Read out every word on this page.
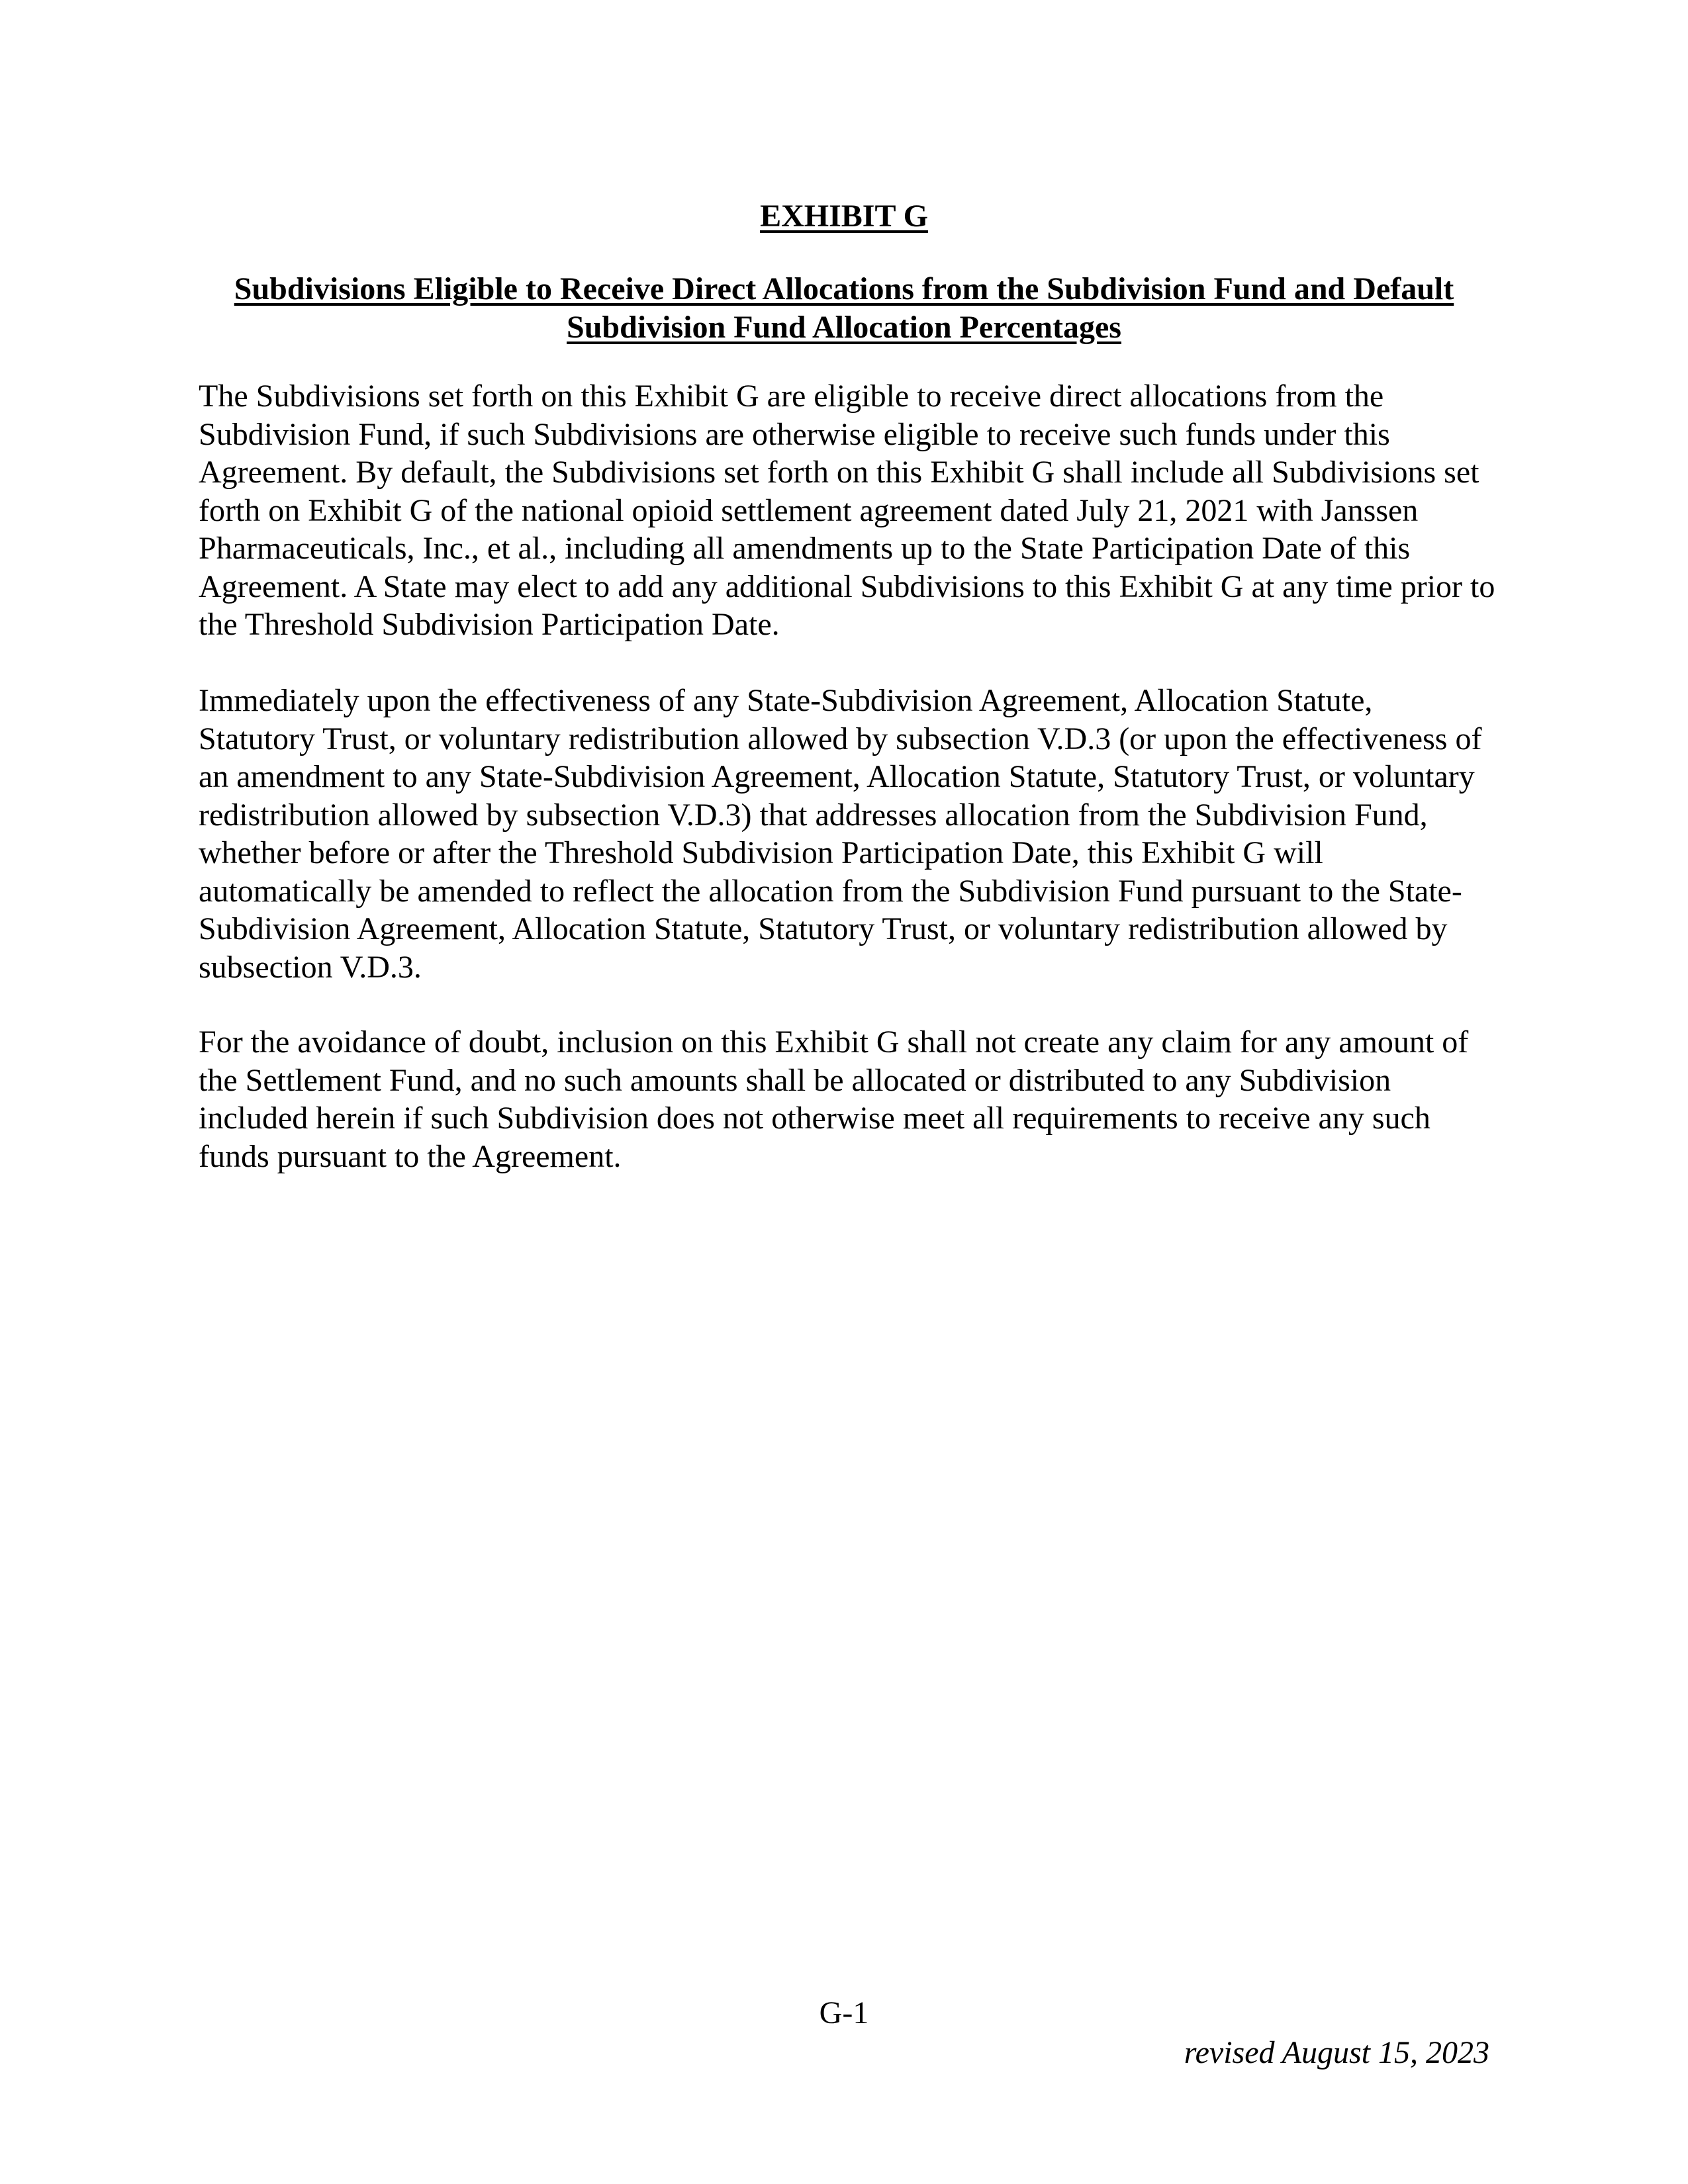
EXHIBIT G
Subdivisions Eligible to Receive Direct Allocations from the Subdivision Fund and Default Subdivision Fund Allocation Percentages

The Subdivisions set forth on this Exhibit G are eligible to receive direct allocations from the Subdivision Fund, if such Subdivisions are otherwise eligible to receive such funds under this Agreement. By default, the Subdivisions set forth on this Exhibit G shall include all Subdivisions set forth on Exhibit G of the national opioid settlement agreement dated July 21, 2021 with Janssen Pharmaceuticals, Inc., et al., including all amendments up to the State Participation Date of this Agreement. A State may elect to add any additional Subdivisions to this Exhibit G at any time prior to the Threshold Subdivision Participation Date.

Immediately upon the effectiveness of any State-Subdivision Agreement, Allocation Statute, Statutory Trust, or voluntary redistribution allowed by subsection V.D.3 (or upon the effectiveness of an amendment to any State-Subdivision Agreement, Allocation Statute, Statutory Trust, or voluntary redistribution allowed by subsection V.D.3) that addresses allocation from the Subdivision Fund, whether before or after the Threshold Subdivision Participation Date, this Exhibit G will automatically be amended to reflect the allocation from the Subdivision Fund pursuant to the State-Subdivision Agreement, Allocation Statute, Statutory Trust, or voluntary redistribution allowed by subsection V.D.3.

For the avoidance of doubt, inclusion on this Exhibit G shall not create any claim for any amount of the Settlement Fund, and no such amounts shall be allocated or distributed to any Subdivision included herein if such Subdivision does not otherwise meet all requirements to receive any such funds pursuant to the Agreement.

G-1
revised August 15, 2023
